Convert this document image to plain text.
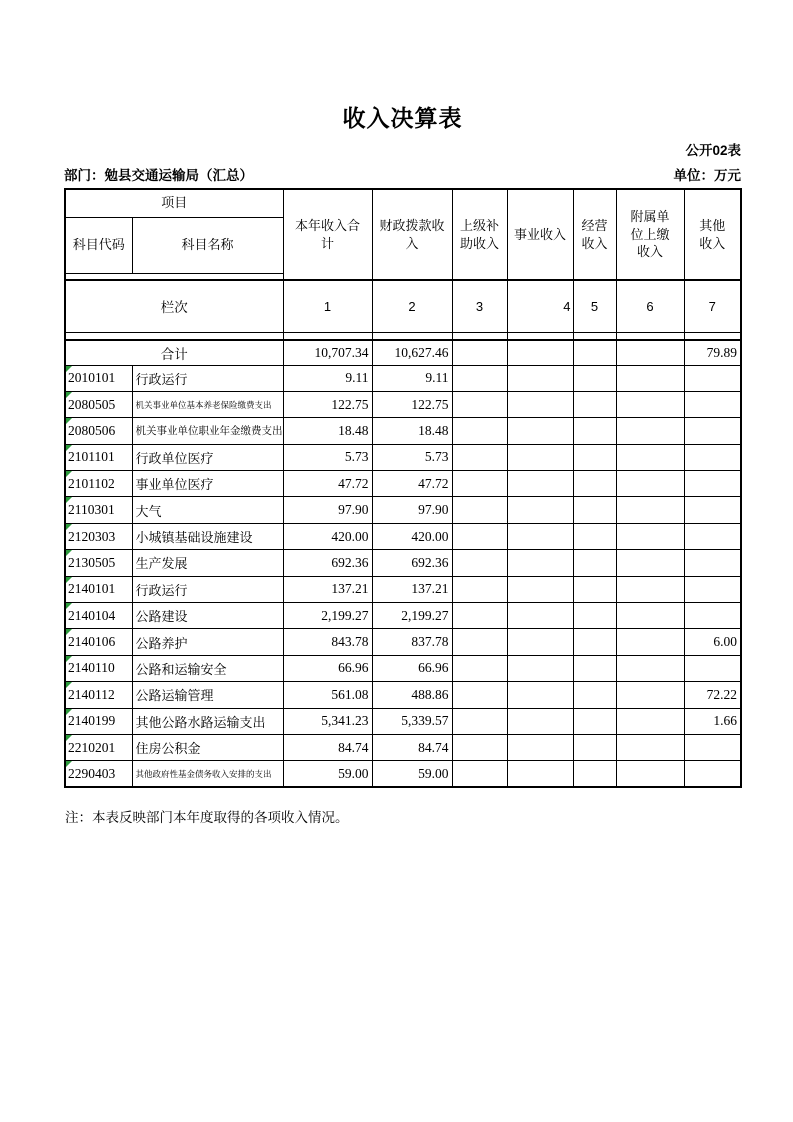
收入决算表
公开02表
部门：勉县交通运输局（汇总）	单位：万元
项目		本年收入合计	财政拨款收入	上级补助收入	事业收入	经营收入	附属单位上缴收入	其他收入
科目代码	科目名称							

栏次		1	2	3	4	5	6	7

合计		10,707.34	10,627.46					79.89

2010101	行政运行	9.11	9.11					

2080505	机关事业单位基本养老保险缴费支出	122.75	122.75					

2080506	机关事业单位职业年金缴费支出	18.48	18.48					

2101101	行政单位医疗	5.73	5.73					

2101102	事业单位医疗	47.72	47.72					

2110301	大气	97.90	97.90					

2120303	小城镇基础设施建设	420.00	420.00					

2130505	生产发展	692.36	692.36					

2140101	行政运行	137.21	137.21					

2140104	公路建设	2,199.27	2,199.27					

2140106	公路养护	843.78	837.78					6.00

2140110	公路和运输安全	66.96	66.96					

2140112	公路运输管理	561.08	488.86					72.22

2140199	其他公路水路运输支出	5,341.23	5,339.57					1.66

2210201	住房公积金	84.74	84.74					

2290403	其他政府性基金债务收入安排的支出	59.00	59.00					
注：本表反映部门本年度取得的各项收入情况。
